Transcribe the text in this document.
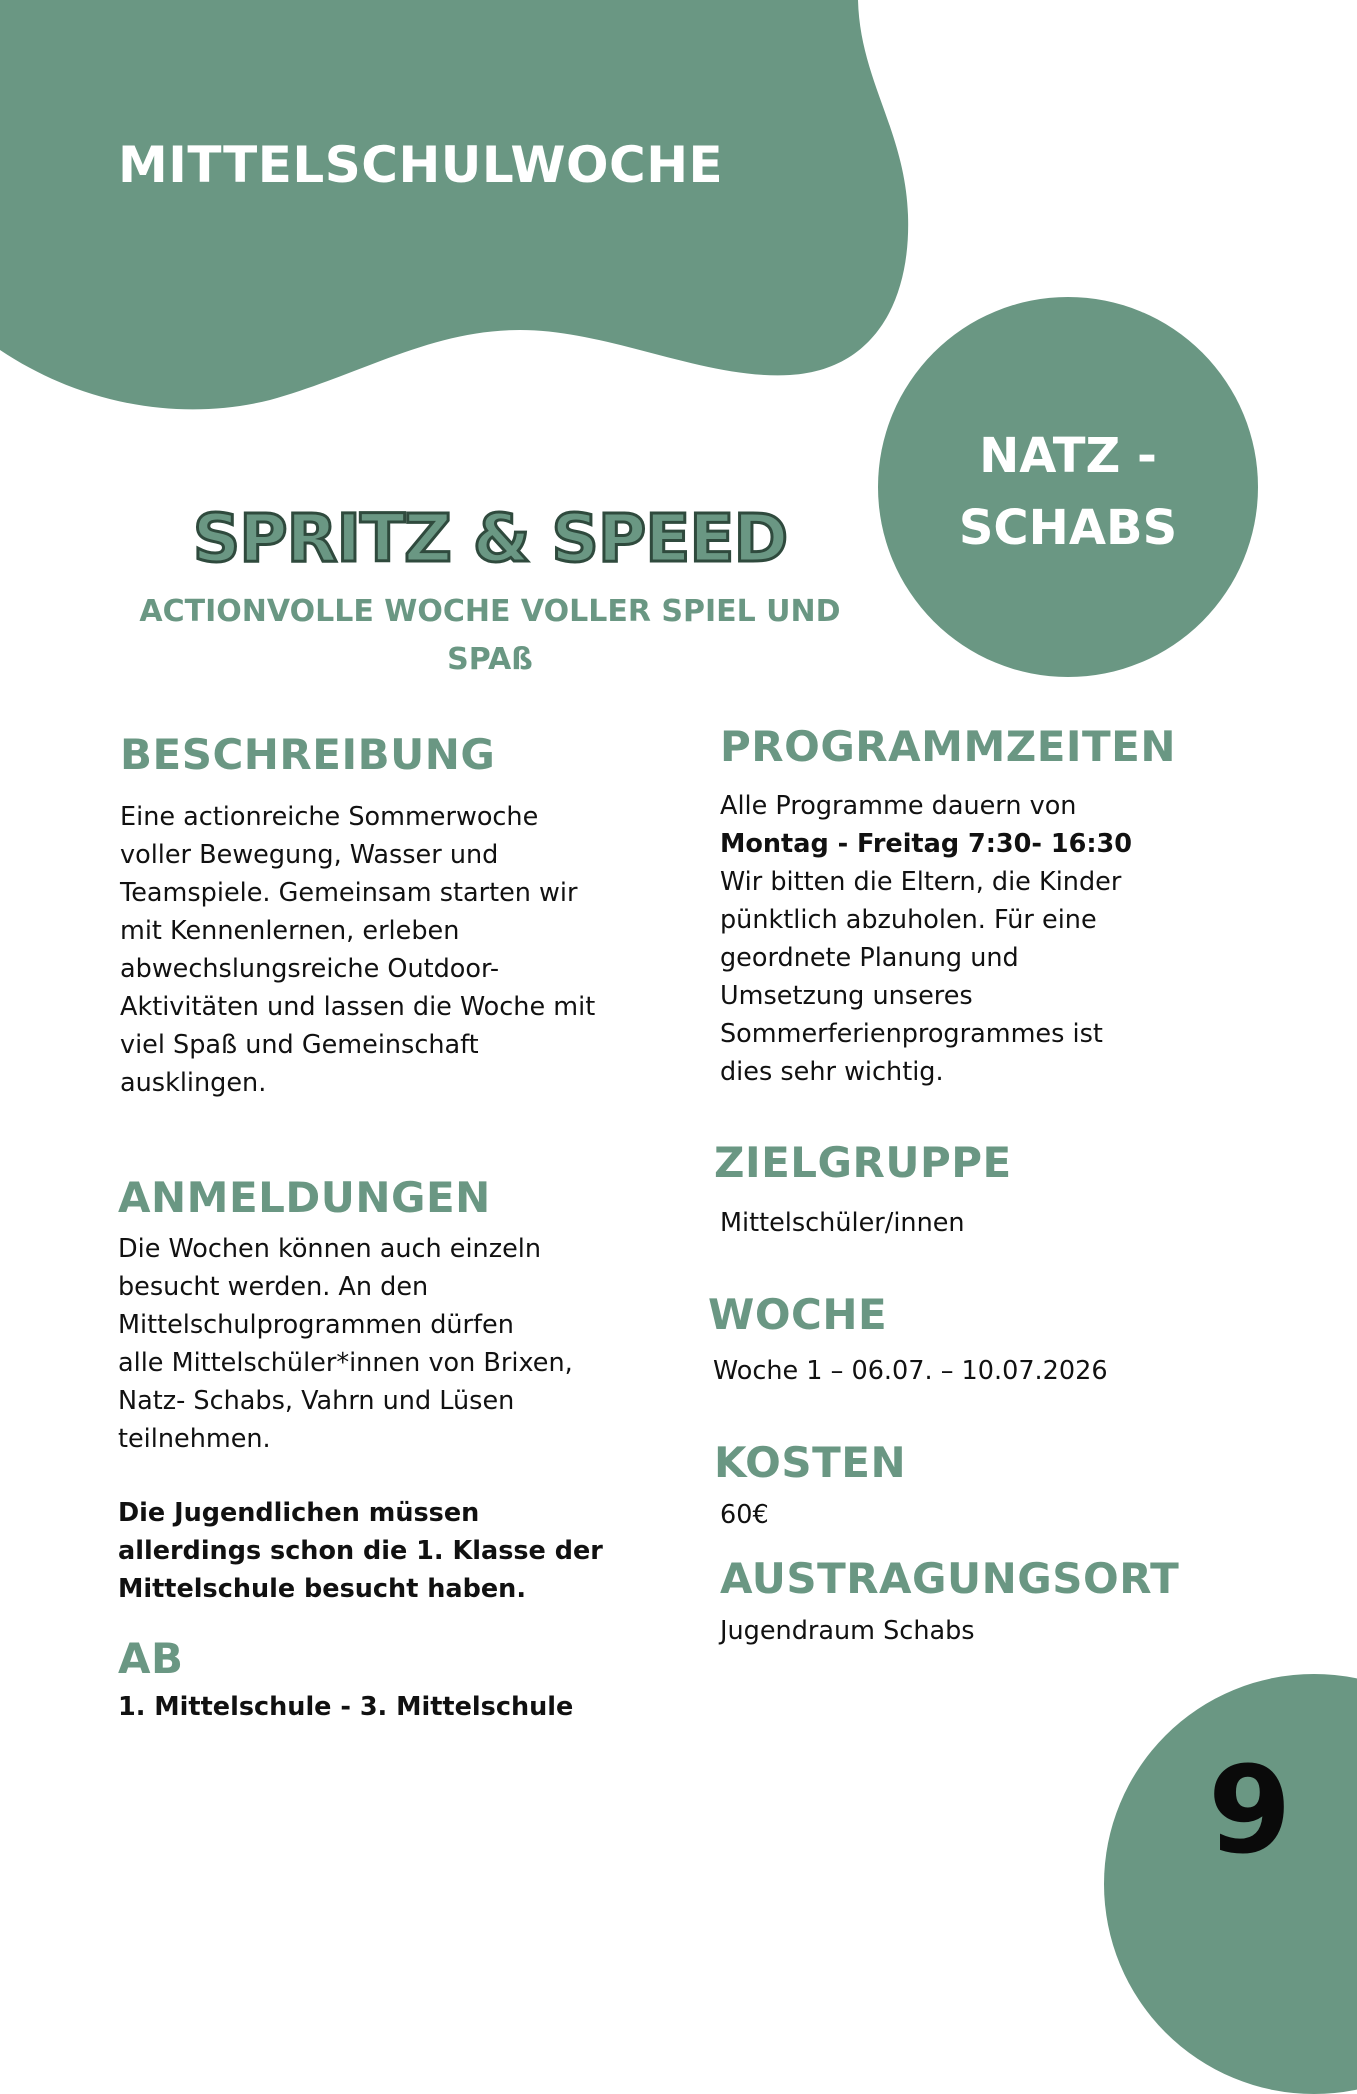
MITTELSCHULWOCHE
NATZ -
SCHABS
SPRITZ & SPEED
ACTIONVOLLE WOCHE VOLLER SPIEL UND
SPAß
BESCHREIBUNG
Eine actionreiche Sommerwoche
voller Bewegung, Wasser und
Teamspiele. Gemeinsam starten wir
mit Kennenlernen, erleben
abwechslungsreiche Outdoor-
Aktivitäten und lassen die Woche mit
viel Spaß und Gemeinschaft
ausklingen.
ANMELDUNGEN
Die Wochen können auch einzeln
besucht werden. An den
Mittelschulprogrammen dürfen
alle Mittelschüler*innen von Brixen,
Natz- Schabs, Vahrn und Lüsen
teilnehmen.
Die Jugendlichen müssen
allerdings schon die 1. Klasse der
Mittelschule besucht haben.
AB
1. Mittelschule - 3. Mittelschule
PROGRAMMZEITEN
Alle Programme dauern von
Montag - Freitag 7:30- 16:30
Wir bitten die Eltern, die Kinder
pünktlich abzuholen. Für eine
geordnete Planung und
Umsetzung unseres
Sommerferienprogrammes ist
dies sehr wichtig.
ZIELGRUPPE
Mittelschüler/innen
WOCHE
Woche 1 – 06.07. – 10.07.2026
KOSTEN
60€
AUSTRAGUNGSORT
Jugendraum Schabs
9
